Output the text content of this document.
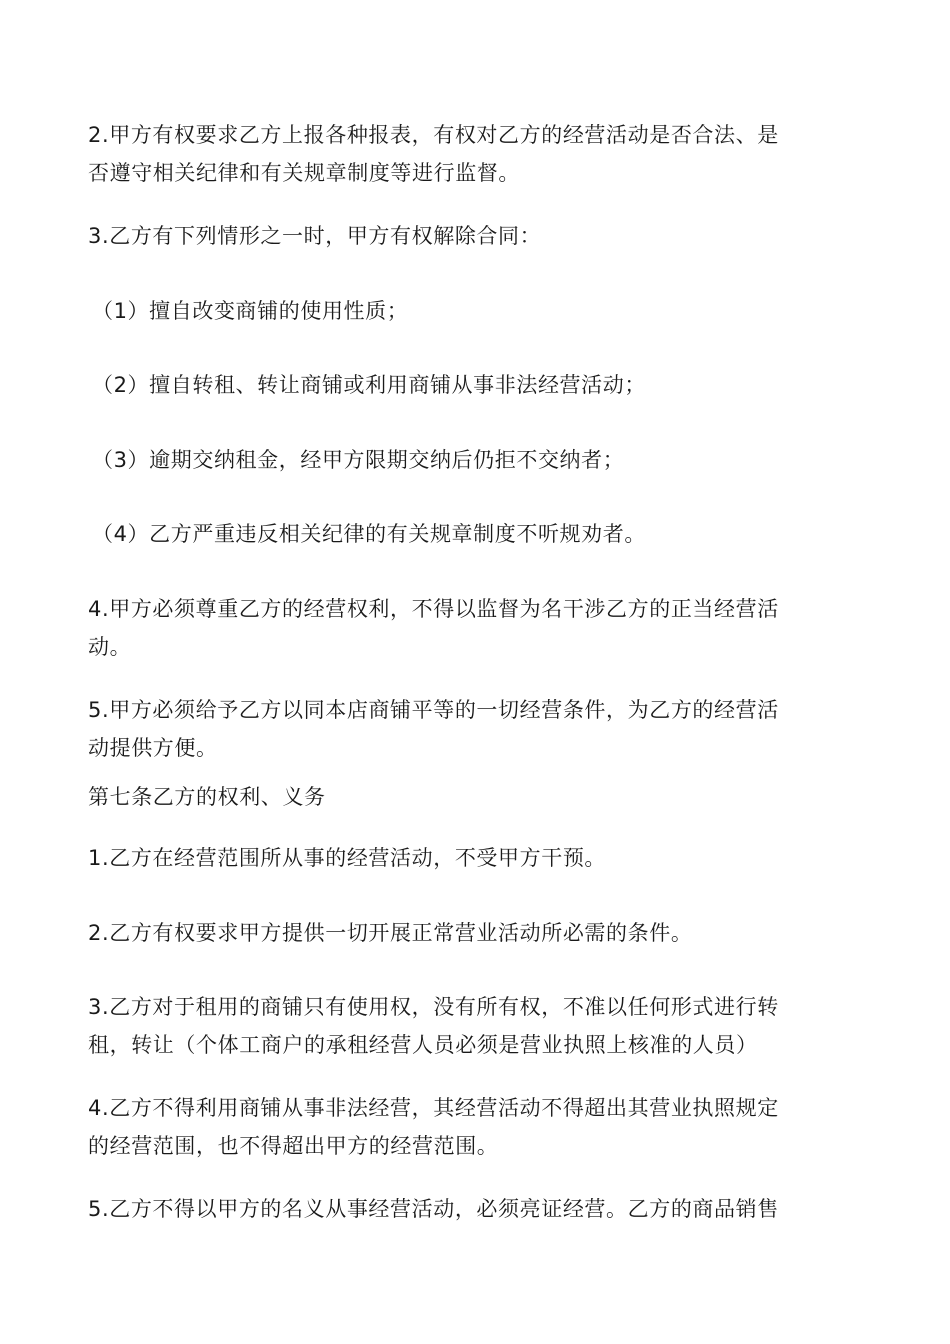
2.甲方有权要求乙方上报各种报表，有权对乙方的经营活动是否合法、是
否遵守相关纪律和有关规章制度等进行监督。
3.乙方有下列情形之一时，甲方有权解除合同：
（1）擅自改变商铺的使用性质；
（2）擅自转租、转让商铺或利用商铺从事非法经营活动；
（3）逾期交纳租金，经甲方限期交纳后仍拒不交纳者；
（4）乙方严重违反相关纪律的有关规章制度不听规劝者。
4.甲方必须尊重乙方的经营权利，不得以监督为名干涉乙方的正当经营活
动。
5.甲方必须给予乙方以同本店商铺平等的一切经营条件，为乙方的经营活
动提供方便。
第七条乙方的权利、义务
1.乙方在经营范围所从事的经营活动，不受甲方干预。
2.乙方有权要求甲方提供一切开展正常营业活动所必需的条件。
3.乙方对于租用的商铺只有使用权，没有所有权，不准以任何形式进行转
租，转让（个体工商户的承租经营人员必须是营业执照上核准的人员）
4.乙方不得利用商铺从事非法经营，其经营活动不得超出其营业执照规定
的经营范围，也不得超出甲方的经营范围。
5.乙方不得以甲方的名义从事经营活动，必须亮证经营。乙方的商品销售
